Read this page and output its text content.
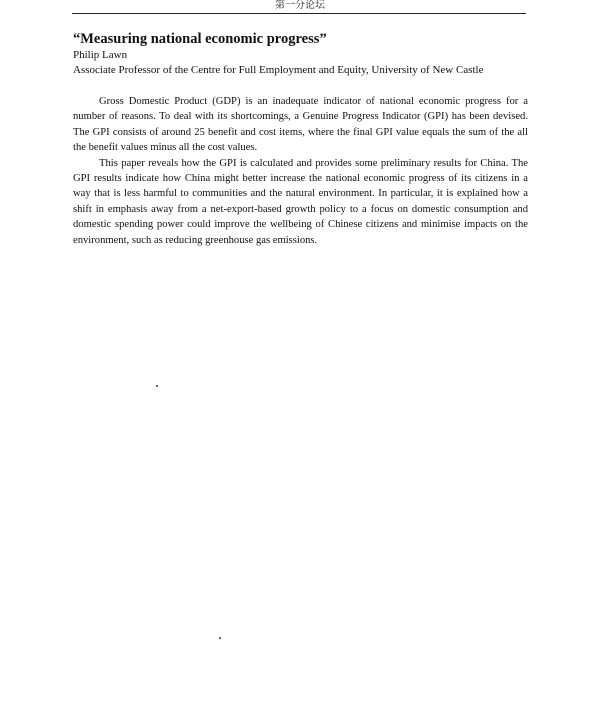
第一分论坛
“Measuring national economic progress”

Philip Lawn

Associate Professor of the Centre for Full Employment and Equity, University of New Castle

Gross Domestic Product (GDP) is an inadequate indicator of national economic progress for a number of reasons. To deal with its shortcomings, a Genuine Progress Indicator (GPI) has been devised. The GPI consists of around 25 benefit and cost items, where the final GPI value equals the sum of the all the benefit values minus all the cost values.

This paper reveals how the GPI is calculated and provides some preliminary results for China. The GPI results indicate how China might better increase the national economic progress of its citizens in a way that is less harmful to communities and the natural environment. In particular, it is explained how a shift in emphasis away from a net-export-based growth policy to a focus on domestic consumption and domestic spending power could improve the wellbeing of Chinese citizens and minimise impacts on the environment, such as reducing greenhouse gas emissions.
